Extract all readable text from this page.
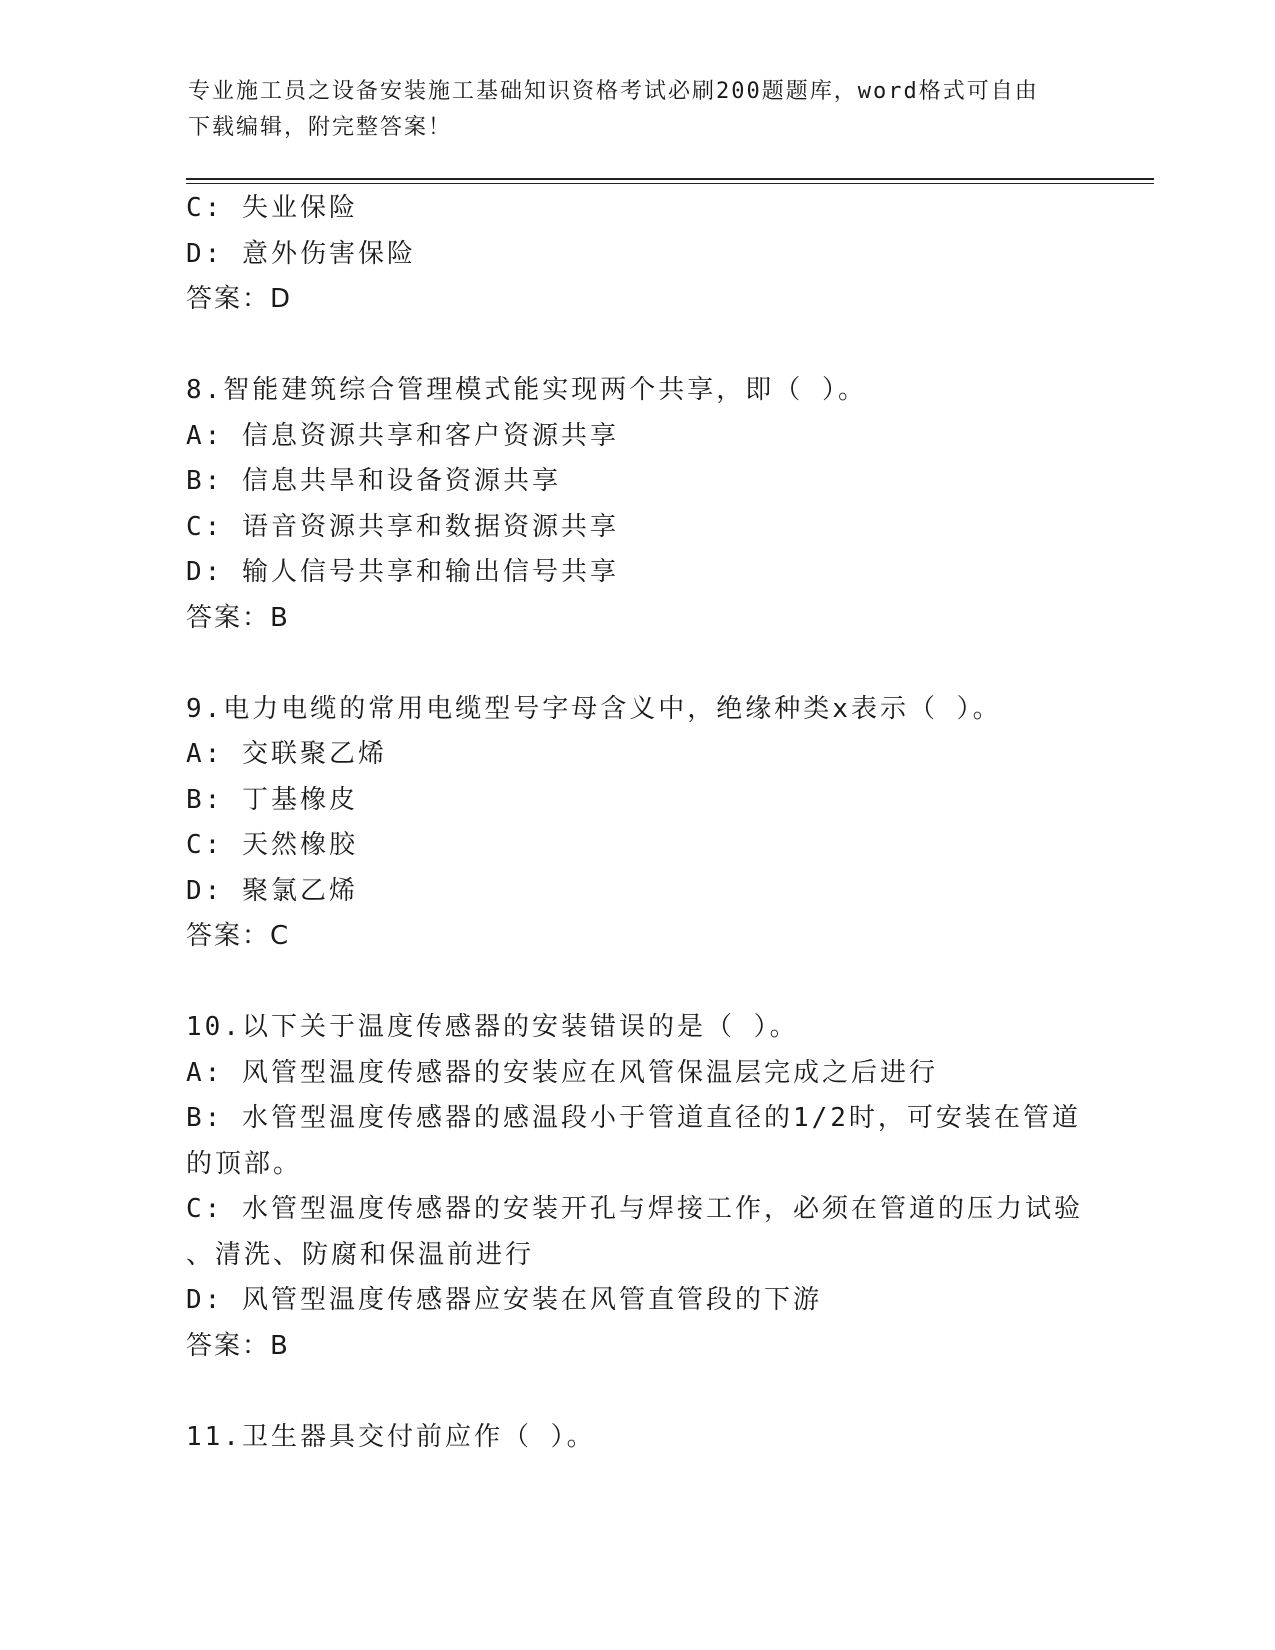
专业施工员之设备安装施工基础知识资格考试必刷200题题库，word格式可自由
下载编辑，附完整答案！
C: 失业保险
D: 意外伤害保险
答案：D
8.智能建筑综合管理模式能实现两个共享，即（ ）。
A: 信息资源共享和客户资源共享
B: 信息共旱和设备资源共享
C: 语音资源共享和数据资源共享
D: 输人信号共享和输出信号共享
答案：B
9.电力电缆的常用电缆型号字母含义中，绝缘种类x表示（ ）。
A: 交联聚乙烯
B: 丁基橡皮
C: 天然橡胶
D: 聚氯乙烯
答案：C
10.以下关于温度传感器的安装错误的是（ ）。
A: 风管型温度传感器的安装应在风管保温层完成之后进行
B: 水管型温度传感器的感温段小于管道直径的1/2时，可安装在管道
的顶部。
C: 水管型温度传感器的安装开孔与焊接工作，必须在管道的压力试验
、清洗、防腐和保温前进行
D: 风管型温度传感器应安装在风管直管段的下游
答案：B
11.卫生器具交付前应作（ ）。
